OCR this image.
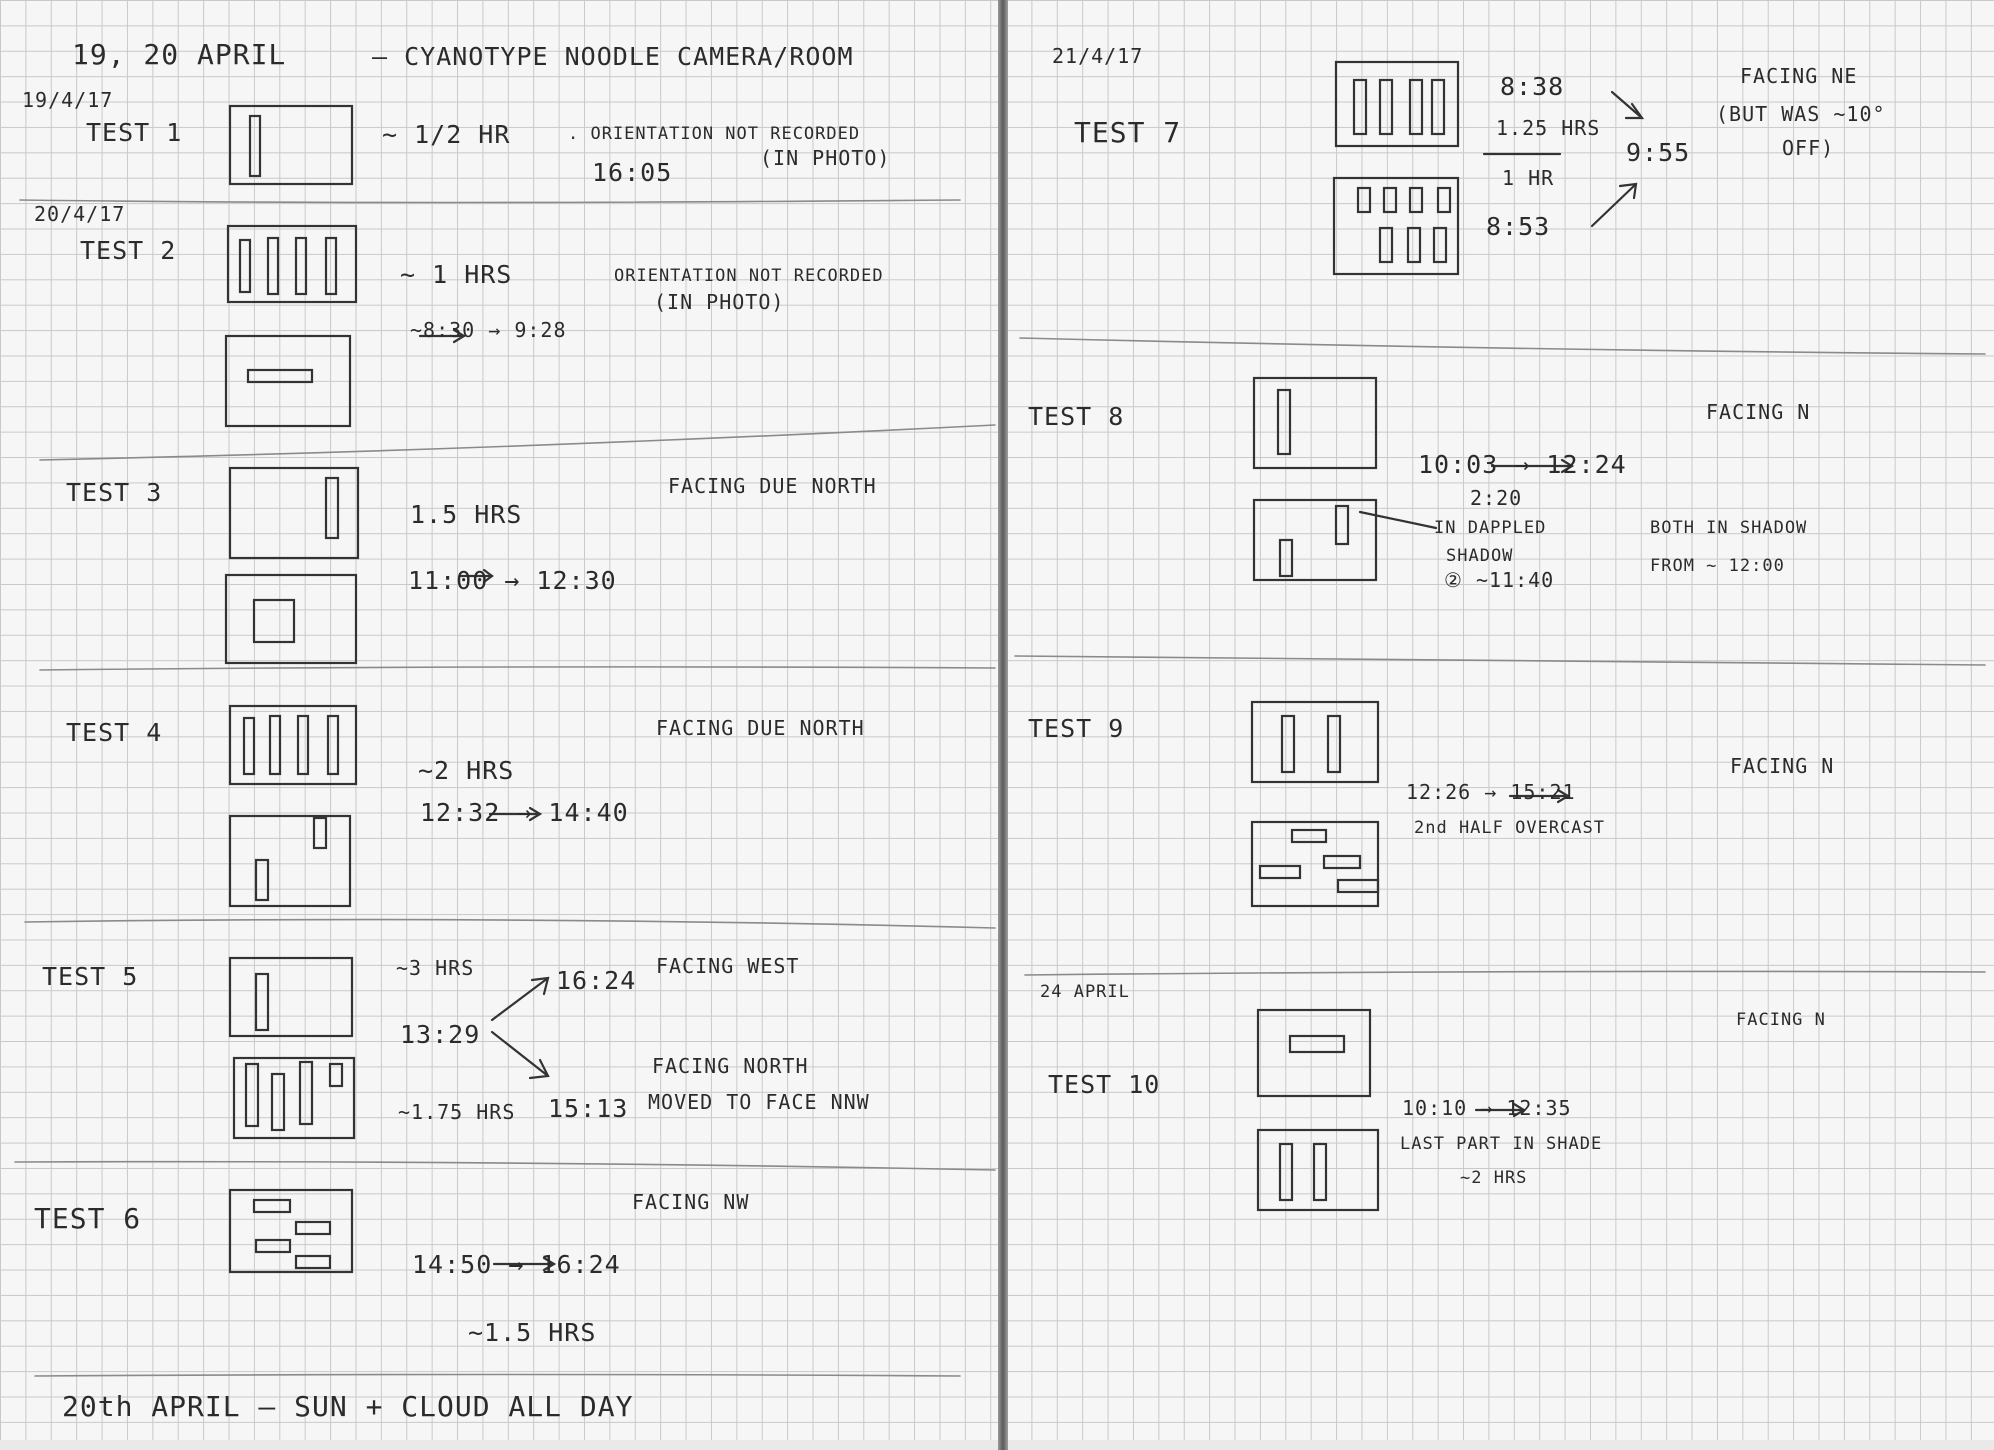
19, 20 APRIL	— CYANOTYPE NOODLE CAMERA/ROOM
19/4/17
TEST 1	~ 1/2 HR	. ORIENTATION NOT RECORDED
16:05	(IN PHOTO)
20/4/17
TEST 2
~ 1 HRS
~8:30 → 9:28
ORIENTATION NOT RECORDED
(IN PHOTO)
TEST 3
1.5 HRS
11:00 → 12:30
FACING DUE NORTH
TEST 4
~2 HRS
12:32 → 14:40
FACING DUE NORTH
TEST 5	~3 HRS
13:29
16:24 FACING WEST
~1.75 HRS 15:13
FACING NORTH
MOVED TO FACE NNW
TEST 6	FACING NW
14:50 → 16:24
~1.5 HRS
20th APRIL — SUN + CLOUD ALL DAY
21/4/17
TEST 7
8:38
1.25 HRS
1 HR
8:53
9:55
FACING NE
(BUT WAS ~10°
OFF)
TEST 8	FACING N
10:03 → 12:24
2:20
IN DAPPLED
SHADOW
② ~11:40
BOTH IN SHADOW
FROM ~ 12:00
TEST 9
FACING N
12:26 → 15:21
2nd HALF OVERCAST
24 APRIL
TEST 10
FACING N
10:10 → 12:35
LAST PART IN SHADE
~2 HRS
